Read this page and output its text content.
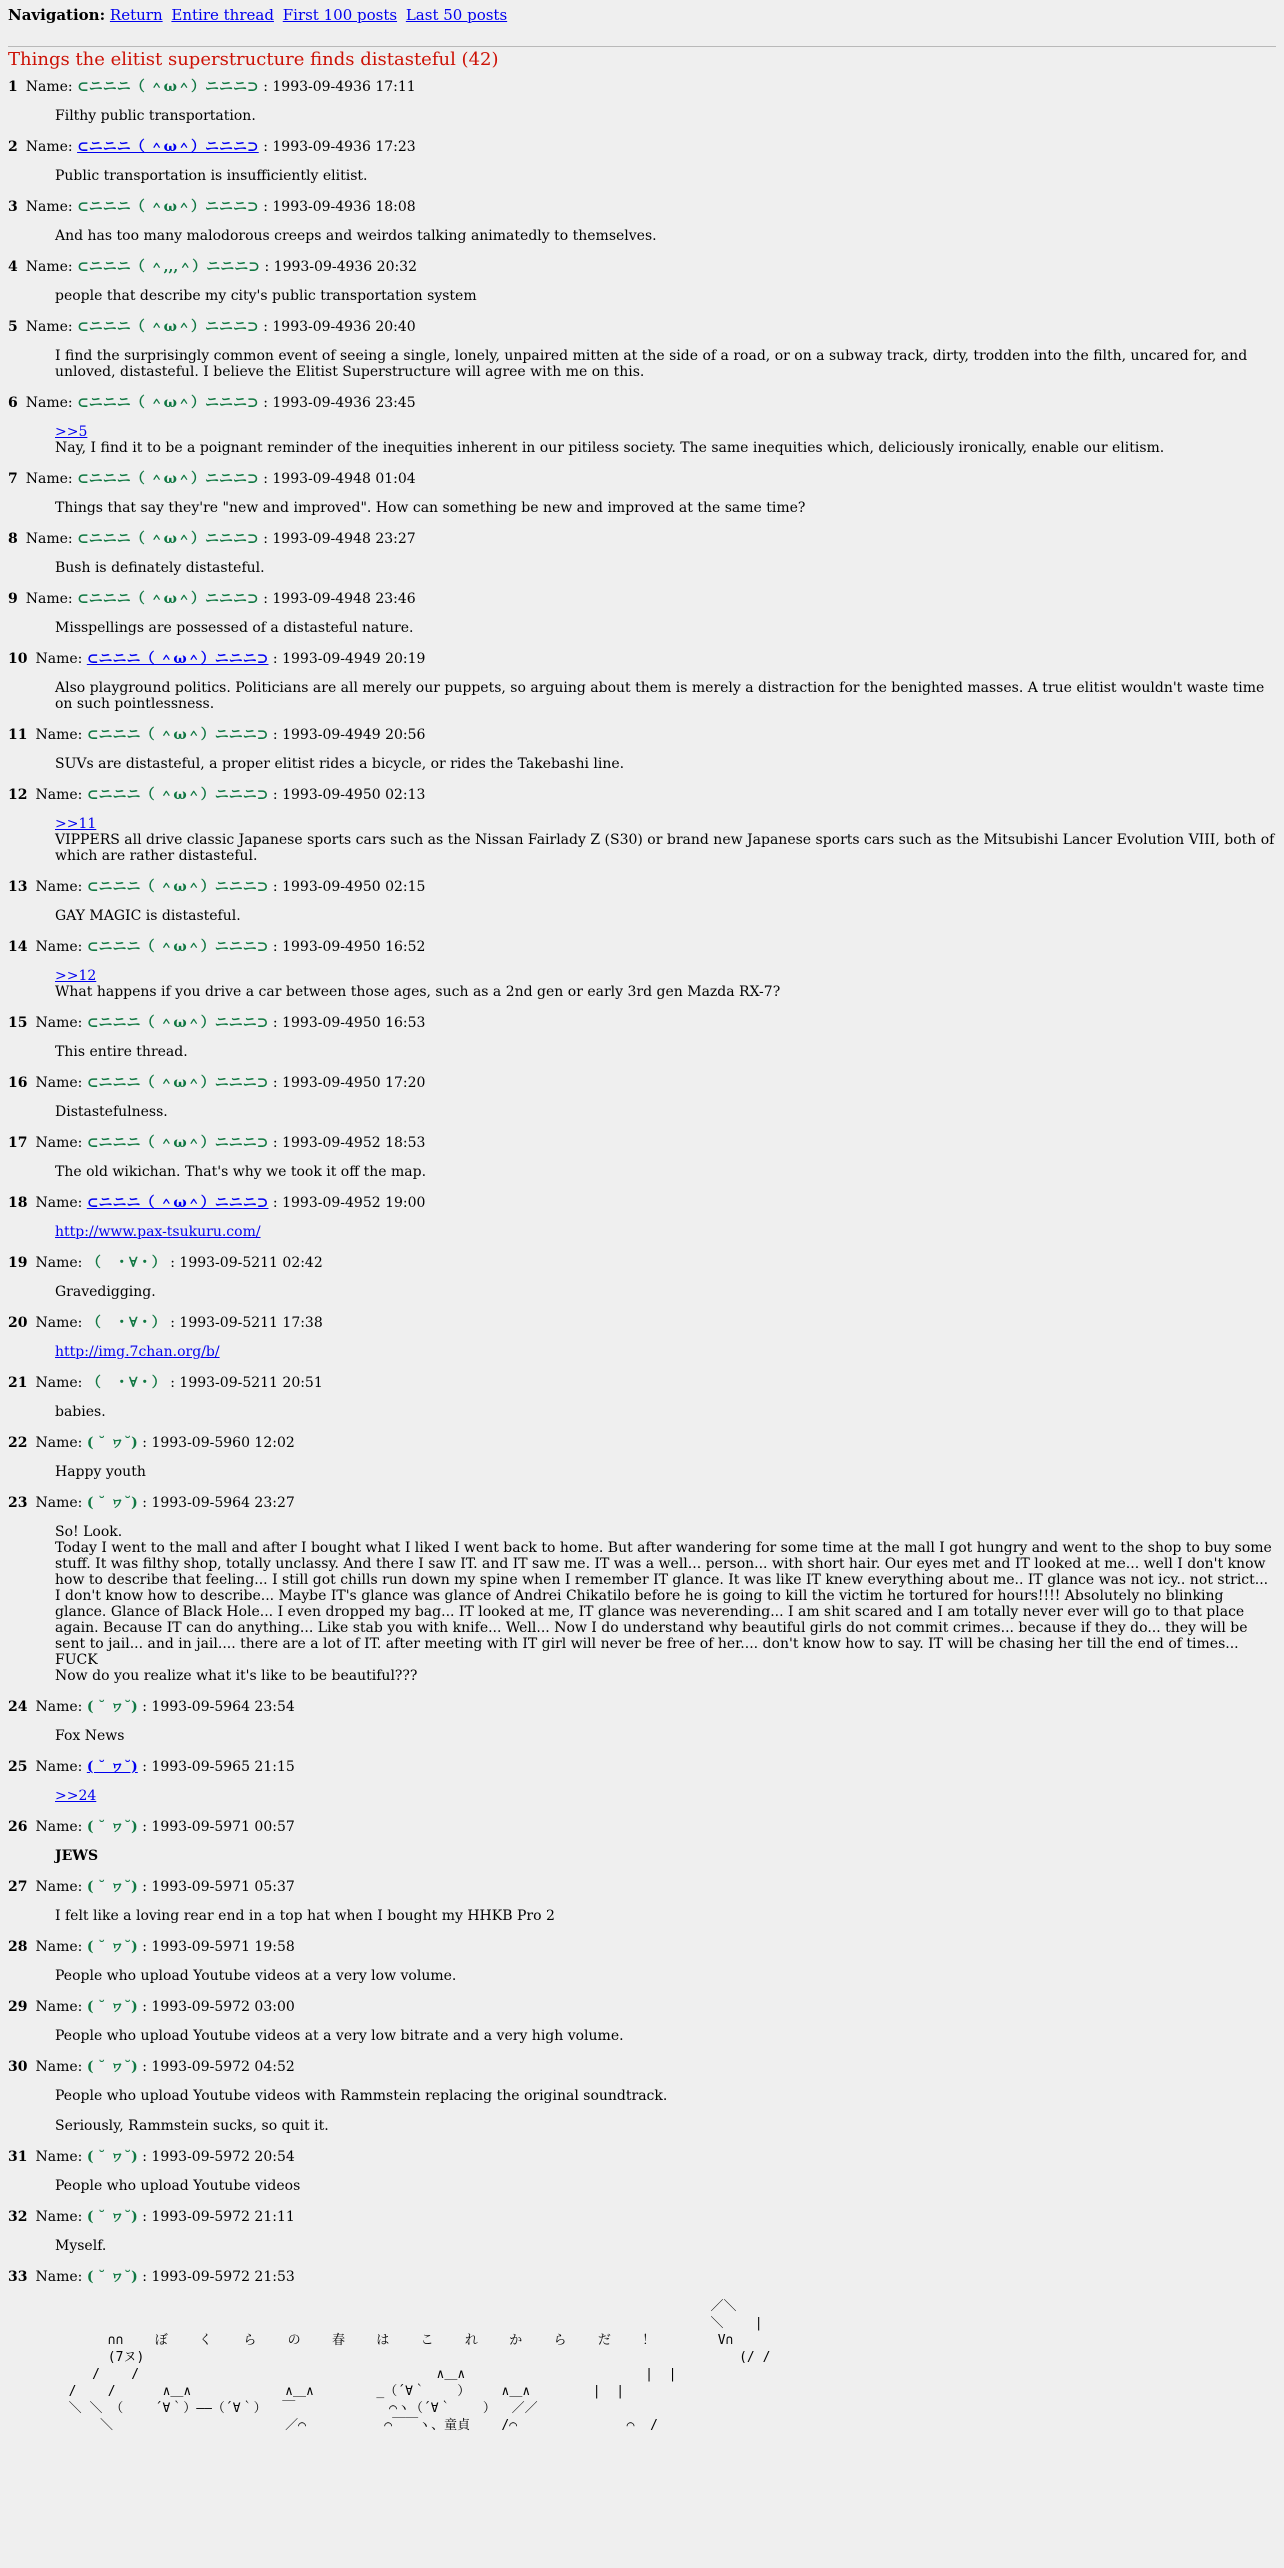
Navigation: Return Entire thread First 100 posts Last 50 posts
Things the elitist superstructure finds distasteful (42)
1 Name: ⊂ニニニ（ ＾ω＾）ニニニ⊃ : 1993-09-4936 17:11

Filthy public transportation.

2 Name: ⊂ニニニ（ ＾ω＾）ニニニ⊃ : 1993-09-4936 17:23

Public transportation is insufficiently elitist.

3 Name: ⊂ニニニ（ ＾ω＾）ニニニ⊃ : 1993-09-4936 18:08

And has too many malodorous creeps and weirdos talking animatedly to themselves.

4 Name: ⊂ニニニ（ ＾,,,＾）ニニニ⊃ : 1993-09-4936 20:32

people that describe my city's public transportation system

5 Name: ⊂ニニニ（ ＾ω＾）ニニニ⊃ : 1993-09-4936 20:40

I find the surprisingly common event of seeing a single, lonely, unpaired mitten at the side of a road, or on a subway track, dirty, trodden into the filth, uncared for, and unloved, distasteful. I believe the Elitist Superstructure will agree with me on this.

6 Name: ⊂ニニニ（ ＾ω＾）ニニニ⊃ : 1993-09-4936 23:45
>>5

Nay, I find it to be a poignant reminder of the inequities inherent in our pitiless society. The same inequities which, deliciously ironically, enable our elitism.

7 Name: ⊂ニニニ（ ＾ω＾）ニニニ⊃ : 1993-09-4948 01:04

Things that say they're "new and improved". How can something be new and improved at the same time?

8 Name: ⊂ニニニ（ ＾ω＾）ニニニ⊃ : 1993-09-4948 23:27

Bush is definately distasteful.

9 Name: ⊂ニニニ（ ＾ω＾）ニニニ⊃ : 1993-09-4948 23:46

Misspellings are possessed of a distasteful nature.

10 Name: ⊂ニニニ（ ＾ω＾）ニニニ⊃ : 1993-09-4949 20:19

Also playground politics. Politicians are all merely our puppets, so arguing about them is merely a distraction for the benighted masses. A true elitist wouldn't waste time on such pointlessness.

11 Name: ⊂ニニニ（ ＾ω＾）ニニニ⊃ : 1993-09-4949 20:56

SUVs are distasteful, a proper elitist rides a bicycle, or rides the Takebashi line.

12 Name: ⊂ニニニ（ ＾ω＾）ニニニ⊃ : 1993-09-4950 02:13
>>11

VIPPERS all drive classic Japanese sports cars such as the Nissan Fairlady Z (S30) or brand new Japanese sports cars such as the Mitsubishi Lancer Evolution VIII, both of which are rather distasteful.

13 Name: ⊂ニニニ（ ＾ω＾）ニニニ⊃ : 1993-09-4950 02:15

GAY MAGIC is distasteful.

14 Name: ⊂ニニニ（ ＾ω＾）ニニニ⊃ : 1993-09-4950 16:52
>>12

What happens if you drive a car between those ages, such as a 2nd gen or early 3rd gen Mazda RX-7?

15 Name: ⊂ニニニ（ ＾ω＾）ニニニ⊃ : 1993-09-4950 16:53

This entire thread.

16 Name: ⊂ニニニ（ ＾ω＾）ニニニ⊃ : 1993-09-4950 17:20

Distastefulness.

17 Name: ⊂ニニニ（ ＾ω＾）ニニニ⊃ : 1993-09-4952 18:53

The old wikichan. That's why we took it off the map.

18 Name: ⊂ニニニ（ ＾ω＾）ニニニ⊃ : 1993-09-4952 19:00
http://www.pax-tsukuru.com/
19 Name: （　・∀・） : 1993-09-5211 02:42

Gravedigging.

20 Name: （　・∀・） : 1993-09-5211 17:38
http://img.7chan.org/b/
21 Name: （　・∀・） : 1993-09-5211 20:51

babies.

22 Name: ( ˘ ヮ˘) : 1993-09-5960 12:02

Happy youth

23 Name: ( ˘ ヮ˘) : 1993-09-5964 23:27

So! Look.
Today I went to the mall and after I bought what I liked I went back to home. But after wandering for some time at the mall I got hungry and went to the shop to buy some stuff. It was filthy shop, totally unclassy. And there I saw IT. and IT saw me. IT was a well... person... with short hair. Our eyes met and IT looked at me... well I don't know how to describe that feeling... I still got chills run down my spine when I remember IT glance. It was like IT knew everything about me.. IT glance was not icy.. not strict... I don't know how to describe... Maybe IT's glance was glance of Andrei Chikatilo before he is going to kill the victim he tortured for hours!!!! Absolutely no blinking glance. Glance of Black Hole... I even dropped my bag... IT looked at me, IT glance was neverending... I am shit scared and I am totally never ever will go to that place again. Because IT can do anything... Like stab you with knife... Well... Now I do understand why beautiful girls do not commit crimes... because if they do... they will be sent to jail... and in jail.... there are a lot of IT. after meeting with IT girl will never be free of her.... don't know how to say. IT will be chasing her till the end of times... FUCK
Now do you realize what it's like to be beautiful???

24 Name: ( ˘ ヮ˘) : 1993-09-5964 23:54

Fox News

25 Name: ( ˘ ヮ˘) : 1993-09-5965 21:15
>>24
26 Name: ( ˘ ヮ˘) : 1993-09-5971 00:57
JEWS
27 Name: ( ˘ ヮ˘) : 1993-09-5971 05:37

I felt like a loving rear end in a top hat when I bought my HHKB Pro 2

28 Name: ( ˘ ヮ˘) : 1993-09-5971 19:58

People who upload Youtube videos at a very low volume.

29 Name: ( ˘ ヮ˘) : 1993-09-5972 03:00

People who upload Youtube videos at a very low bitrate and a very high volume.

30 Name: ( ˘ ヮ˘) : 1993-09-5972 04:52

People who upload Youtube videos with Rammstein replacing the original soundtrack.

Seriously, Rammstein sucks, so quit it.

31 Name: ( ˘ ヮ˘) : 1993-09-5972 20:54

People who upload Youtube videos

32 Name: ( ˘ ヮ˘) : 1993-09-5972 21:11

Myself.

33 Name: ( ˘ ヮ˘) : 1993-09-5972 21:53
／＼
＼    |
∩∩    ぼ    く    ら    の    春    は    こ    れ    か    ら    だ    ！        V∩
(7ヌ)                                                                            (/ /
/    /                                      ∧＿∧                       |  |
/    /      ∧＿∧            ∧＿∧        _（´∀｀    ）    ∧＿∧        |  |
＼ ＼ （    ´∀｀）――（´∀｀）  ￣            ⌒ヽ（´∀｀    ）  ／／
＼                      ／⌒          ⌒￣￣ヽ、童貞    /⌒              ⌒  /
